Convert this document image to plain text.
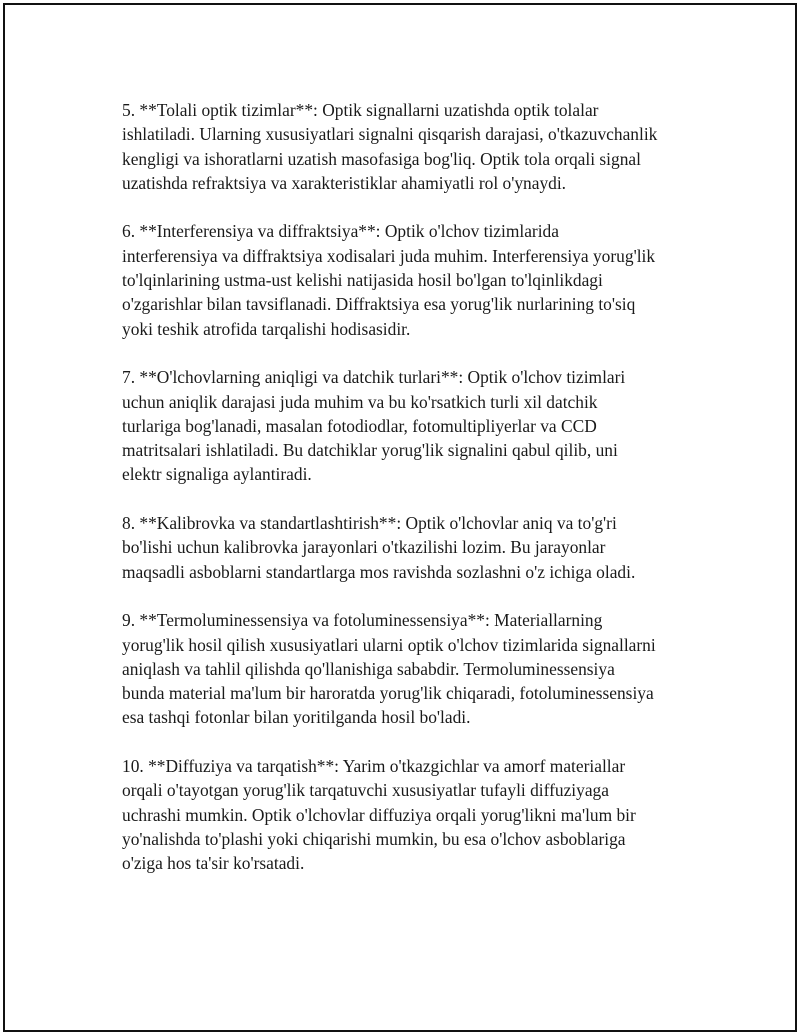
5. **Tolali optik tizimlar**: Optik signallarni uzatishda optik tolalar
ishlatiladi. Ularning xususiyatlari signalni qisqarish darajasi, o'tkazuvchanlik
kengligi va ishoratlarni uzatish masofasiga bog'liq. Optik tola orqali signal
uzatishda refraktsiya va xarakteristiklar ahamiyatli rol o'ynaydi.

6. **Interferensiya va diffraktsiya**: Optik o'lchov tizimlarida
interferensiya va diffraktsiya xodisalari juda muhim. Interferensiya yorug'lik
to'lqinlarining ustma-ust kelishi natijasida hosil bo'lgan to'lqinlikdagi
o'zgarishlar bilan tavsiflanadi. Diffraktsiya esa yorug'lik nurlarining to'siq
yoki teshik atrofida tarqalishi hodisasidir.

7. **O'lchovlarning aniqligi va datchik turlari**: Optik o'lchov tizimlari
uchun aniqlik darajasi juda muhim va bu ko'rsatkich turli xil datchik
turlariga bog'lanadi, masalan fotodiodlar, fotomultipliyerlar va CCD
matritsalari ishlatiladi. Bu datchiklar yorug'lik signalini qabul qilib, uni
elektr signaliga aylantiradi.

8. **Kalibrovka va standartlashtirish**: Optik o'lchovlar aniq va to'g'ri
bo'lishi uchun kalibrovka jarayonlari o'tkazilishi lozim. Bu jarayonlar
maqsadli asboblarni standartlarga mos ravishda sozlashni o'z ichiga oladi.

9. **Termoluminessensiya va fotoluminessensiya**: Materiallarning
yorug'lik hosil qilish xususiyatlari ularni optik o'lchov tizimlarida signallarni
aniqlash va tahlil qilishda qo'llanishiga sababdir. Termoluminessensiya
bunda material ma'lum bir haroratda yorug'lik chiqaradi, fotoluminessensiya
esa tashqi fotonlar bilan yoritilganda hosil bo'ladi.

10. **Diffuziya va tarqatish**: Yarim o'tkazgichlar va amorf materiallar
orqali o'tayotgan yorug'lik tarqatuvchi xususiyatlar tufayli diffuziyaga
uchrashi mumkin. Optik o'lchovlar diffuziya orqali yorug'likni ma'lum bir
yo'nalishda to'plashi yoki chiqarishi mumkin, bu esa o'lchov asboblariga
o'ziga hos ta'sir ko'rsatadi.
